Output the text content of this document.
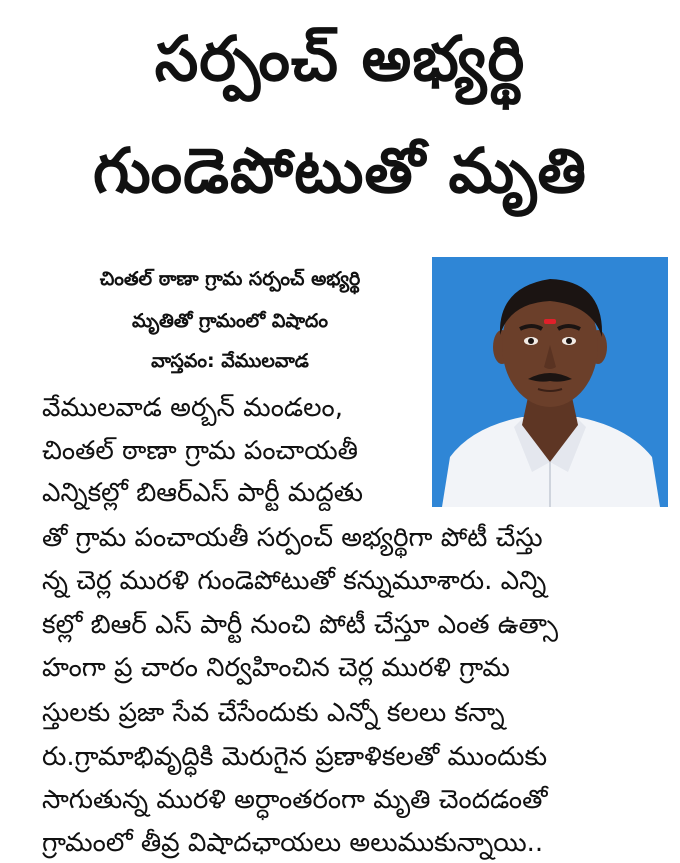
సర్పంచ్ అభ్యర్థి
గుండెపోటుతో మృతి
చింతల్ ఠాణా గ్రామ సర్పంచ్ అభ్యర్థి
మృతితో గ్రామంలో విషాదం
వాస్తవం: వేములవాడ
వేములవాడ అర్బన్ మండలం,
చింతల్ ఠాణా గ్రామ పంచాయతీ
ఎన్నికల్లో బిఆర్ఎస్ పార్టీ మద్దతు
తో గ్రామ పంచాయతీ సర్పంచ్ అభ్యర్థిగా పోటీ చేస్తు
న్న చెర్ల మురళి గుండెపోటుతో కన్నుమూశారు. ఎన్ని
కల్లో బిఆర్ ఎస్ పార్టీ నుంచి పోటీ చేస్తూ ఎంత ఉత్సా
హంగా ప్ర చారం నిర్వహించిన చెర్ల మురళి గ్రామ
స్తులకు ప్రజా సేవ చేసేందుకు ఎన్నో కలలు కన్నా
రు.గ్రామాభివృద్ధికి మెరుగైన ప్రణాళికలతో ముందుకు
సాగుతున్న మురళి అర్ధాంతరంగా మృతి చెందడంతో
గ్రామంలో తీవ్ర విషాదఛాయలు అలుముకున్నాయి..
